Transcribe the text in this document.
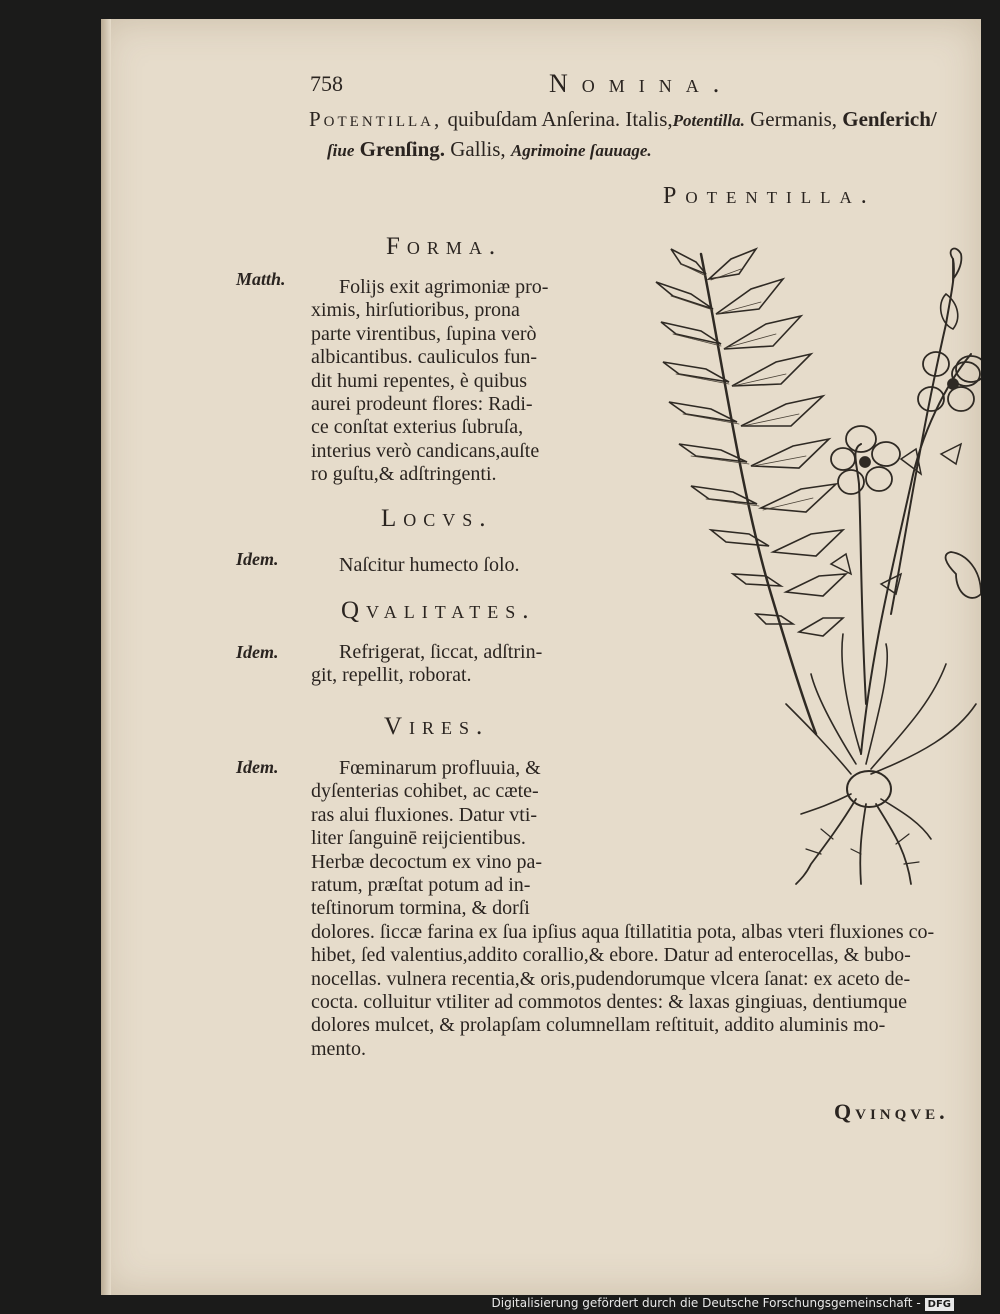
758	Nomina.
Potentilla, quibuſdam Anſerina. Italis,Potentilla. Germanis, Genſerich/
ſiue Grenſing. Gallis, Agrimoine ſauuage.
Potentilla.
Forma.
Matth.	Folijs exit agrimoniæ pro-
ximis, hirſutioribus, prona
parte virentibus, ſupina verò
albicantibus. cauliculos fun-
dit humi repentes, è quibus
aurei prodeunt flores: Radi-
ce conſtat exterius ſubruſa,
interius verò candicans,auſte
ro guſtu,& adſtringenti.
Locvs.
Idem.	Naſcitur humecto ſolo.
Qvalitates.
Idem.	Refrigerat, ſiccat, adſtrin-
git, repellit, roborat.
Vires.
Idem.	Fœminarum profluuia, &
dyſenterias cohibet, ac cæte-
ras alui fluxiones. Datur vti-
liter ſanguinē reijcientibus.
Herbæ decoctum ex vino pa-
ratum, præſtat potum ad in-
teſtinorum tormina, & dorſi
dolores. ſiccæ farina ex ſua ipſius aqua ſtillatitia pota, albas vteri fluxiones co-
hibet, ſed valentius,addito corallio,& ebore. Datur ad enterocellas, & bubo-
nocellas. vulnera recentia,& oris,pudendorumque vlcera ſanat: ex aceto de-
cocta. colluitur vtiliter ad commotos dentes: & laxas gingiuas, dentiumque
dolores mulcet, & prolapſam columnellam reſtituit, addito aluminis mo-
mento.
Qvinqve.
Digitalisierung gefördert durch die Deutsche Forschungsgemeinschaft - DFG
